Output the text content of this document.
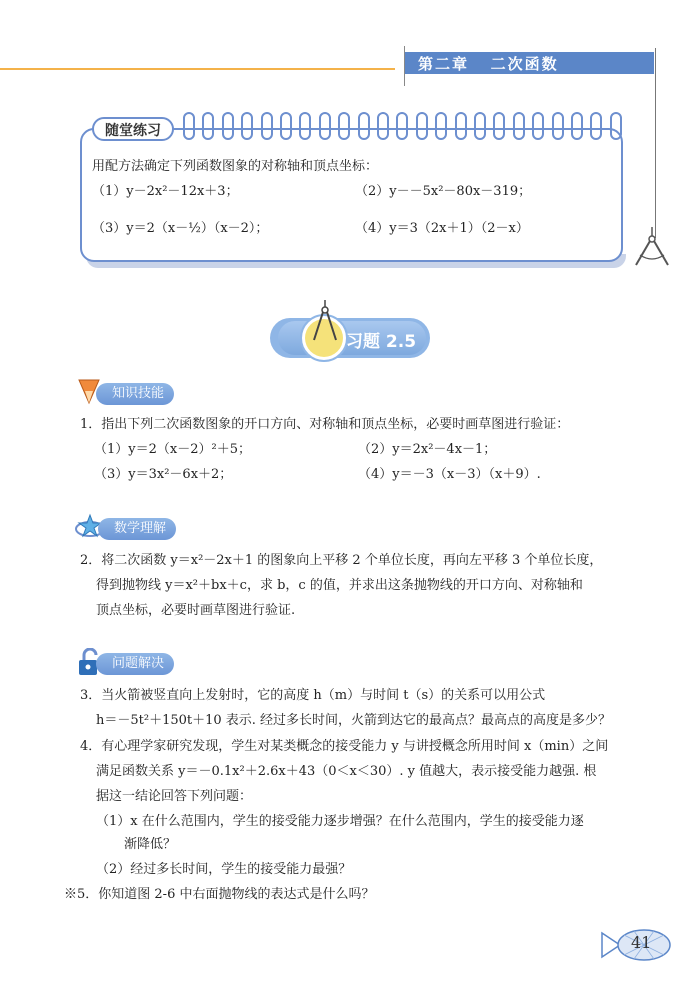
第二章   二次函数
随堂练习
用配方法确定下列函数图象的对称轴和顶点坐标：
（1）y－2x²－12x＋3；	（2）y－－5x²－80x－319；
（3）y＝2（x－½）（x－2）；	（4）y＝3（2x＋1）（2－x）
习题 2.5
知识技能
1．指出下列二次函数图象的开口方向、对称轴和顶点坐标，必要时画草图进行验证：
（1）y＝2（x－2）²＋5；	（2）y＝2x²－4x－1；
（3）y＝3x²－6x＋2；	（4）y＝－3（x－3）（x＋9）.
数学理解
2．将二次函数 y＝x²－2x＋1 的图象向上平移 2 个单位长度，再向左平移 3 个单位长度，
得到抛物线 y＝x²＋bx＋c，求 b，c 的值，并求出这条抛物线的开口方向、对称轴和
顶点坐标，必要时画草图进行验证.
问题解决
3．当火箭被竖直向上发射时，它的高度 h（m）与时间 t（s）的关系可以用公式
h＝－5t²＋150t＋10 表示. 经过多长时间，火箭到达它的最高点？最高点的高度是多少？
4．有心理学家研究发现，学生对某类概念的接受能力 y 与讲授概念所用时间 x（min）之间
满足函数关系 y＝－0.1x²＋2.6x＋43（0＜x＜30）. y 值越大，表示接受能力越强. 根
据这一结论回答下列问题：
（1）x 在什么范围内，学生的接受能力逐步增强？在什么范围内，学生的接受能力逐
渐降低？
（2）经过多长时间，学生的接受能力最强？
※5．你知道图 2-6 中右面抛物线的表达式是什么吗？
41
